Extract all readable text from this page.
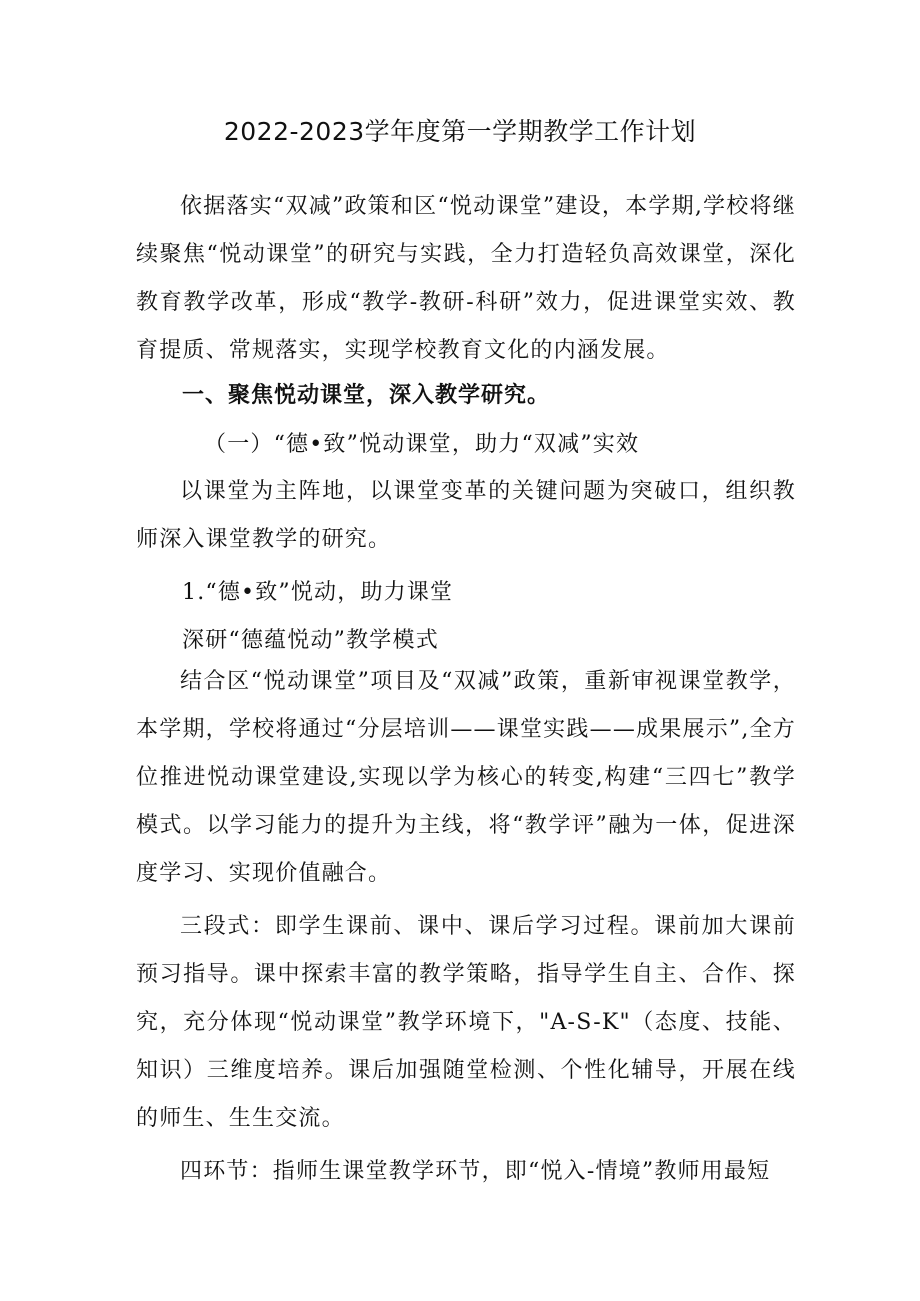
2022-2023学年度第一学期教学工作计划

依据落实“双减”政策和区“悦动课堂”建设，本学期,学校将继续聚焦“悦动课堂”的研究与实践，全力打造轻负高效课堂，深化教育教学改革，形成“教学-教研-科研”效力，促进课堂实效、教育提质、常规落实，实现学校教育文化的内涵发展。

一、聚焦悦动课堂，深入教学研究。
（一）“德•致”悦动课堂，助力“双减”实效

以课堂为主阵地，以课堂变革的关键问题为突破口，组织教师深入课堂教学的研究。

1.“德•致”悦动，助力课堂
深研“德蕴悦动”教学模式

结合区“悦动课堂”项目及“双减”政策，重新审视课堂教学，本学期，学校将通过“分层培训——课堂实践——成果展示”,全方位推进悦动课堂建设,实现以学为核心的转变,构建“三四七”教学模式。以学习能力的提升为主线，将“教学评”融为一体，促进深度学习、实现价值融合。

三段式：即学生课前、课中、课后学习过程。课前加大课前预习指导。课中探索丰富的教学策略，指导学生自主、合作、探究，充分体现“悦动课堂”教学环境下，"A-S-K"（态度、技能、知识）三维度培养。课后加强随堂检测、个性化辅导，开展在线的师生、生生交流。

四环节：指师生课堂教学环节，即“悦入-情境”教师用最短
